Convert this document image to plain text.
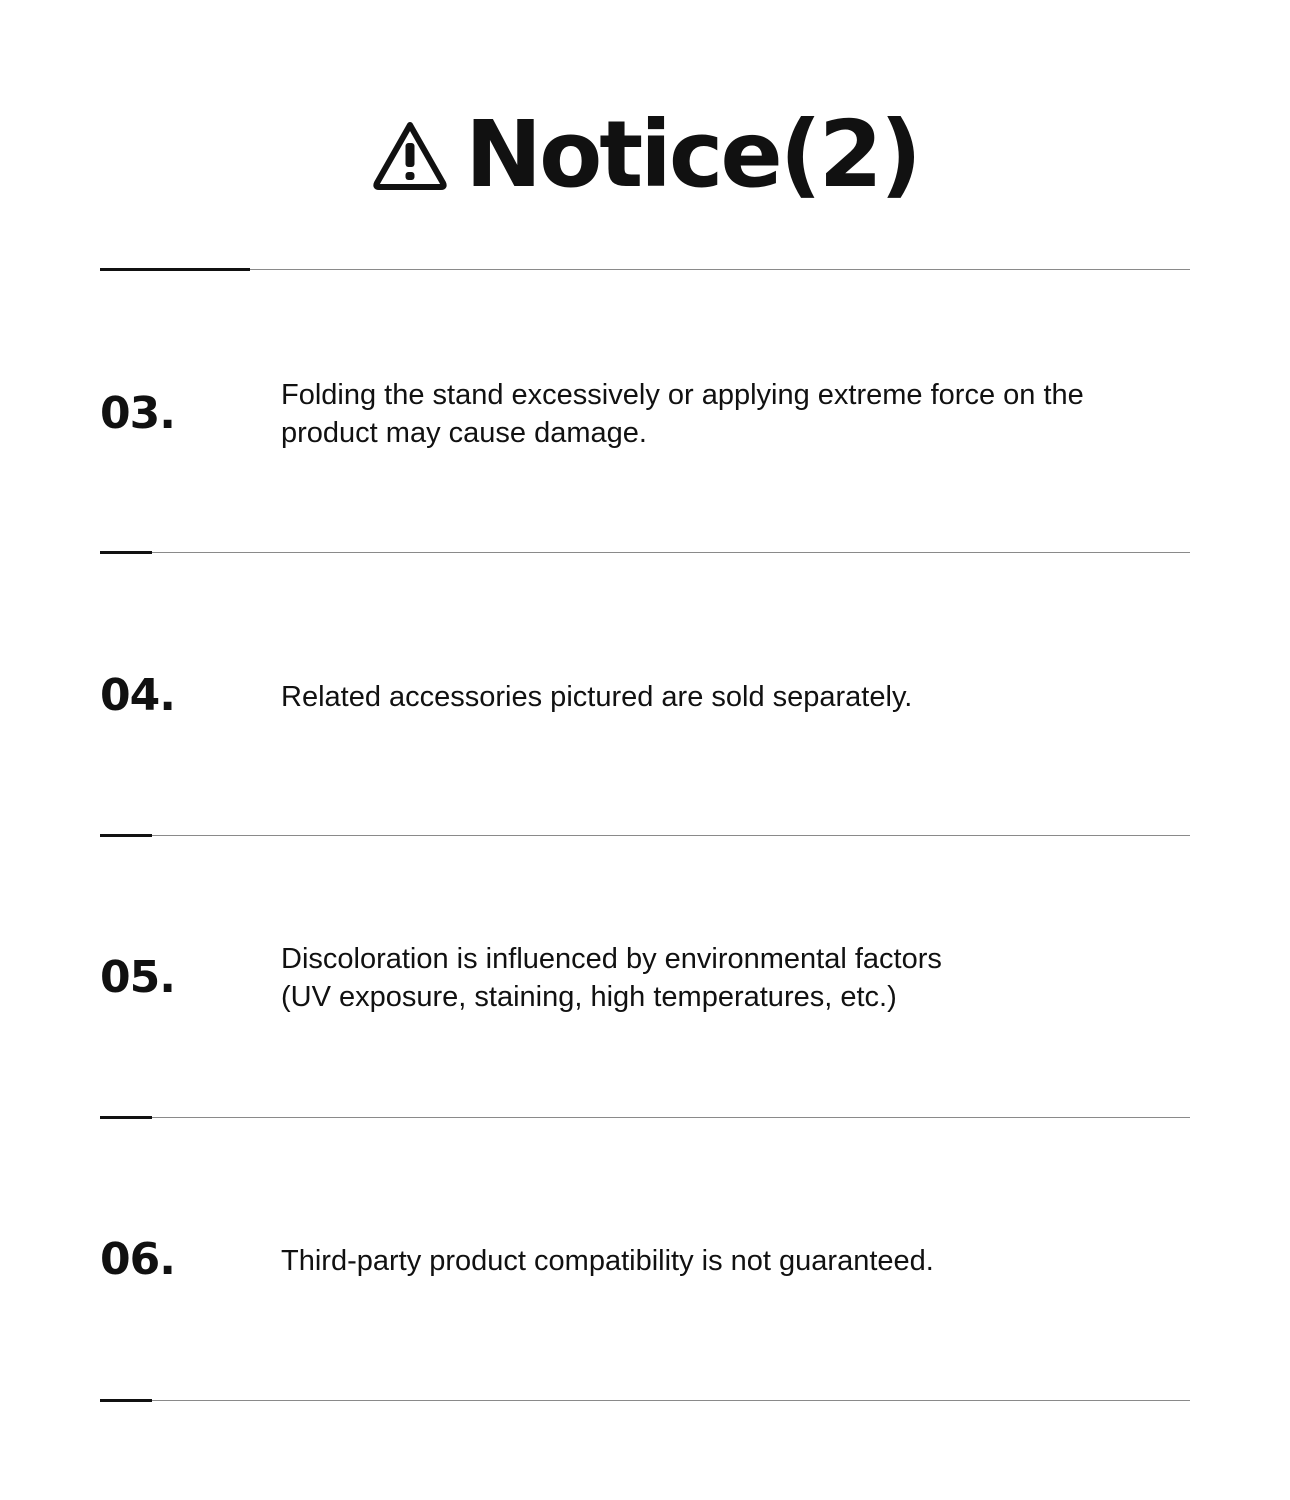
Notice(2)
03.	Folding the stand excessively or applying extreme force on the
product may cause damage.
04.	Related accessories pictured are sold separately.
05.	Discoloration is influenced by environmental factors
(UV exposure, staining, high temperatures, etc.)
06.	Third-party product compatibility is not guaranteed.
